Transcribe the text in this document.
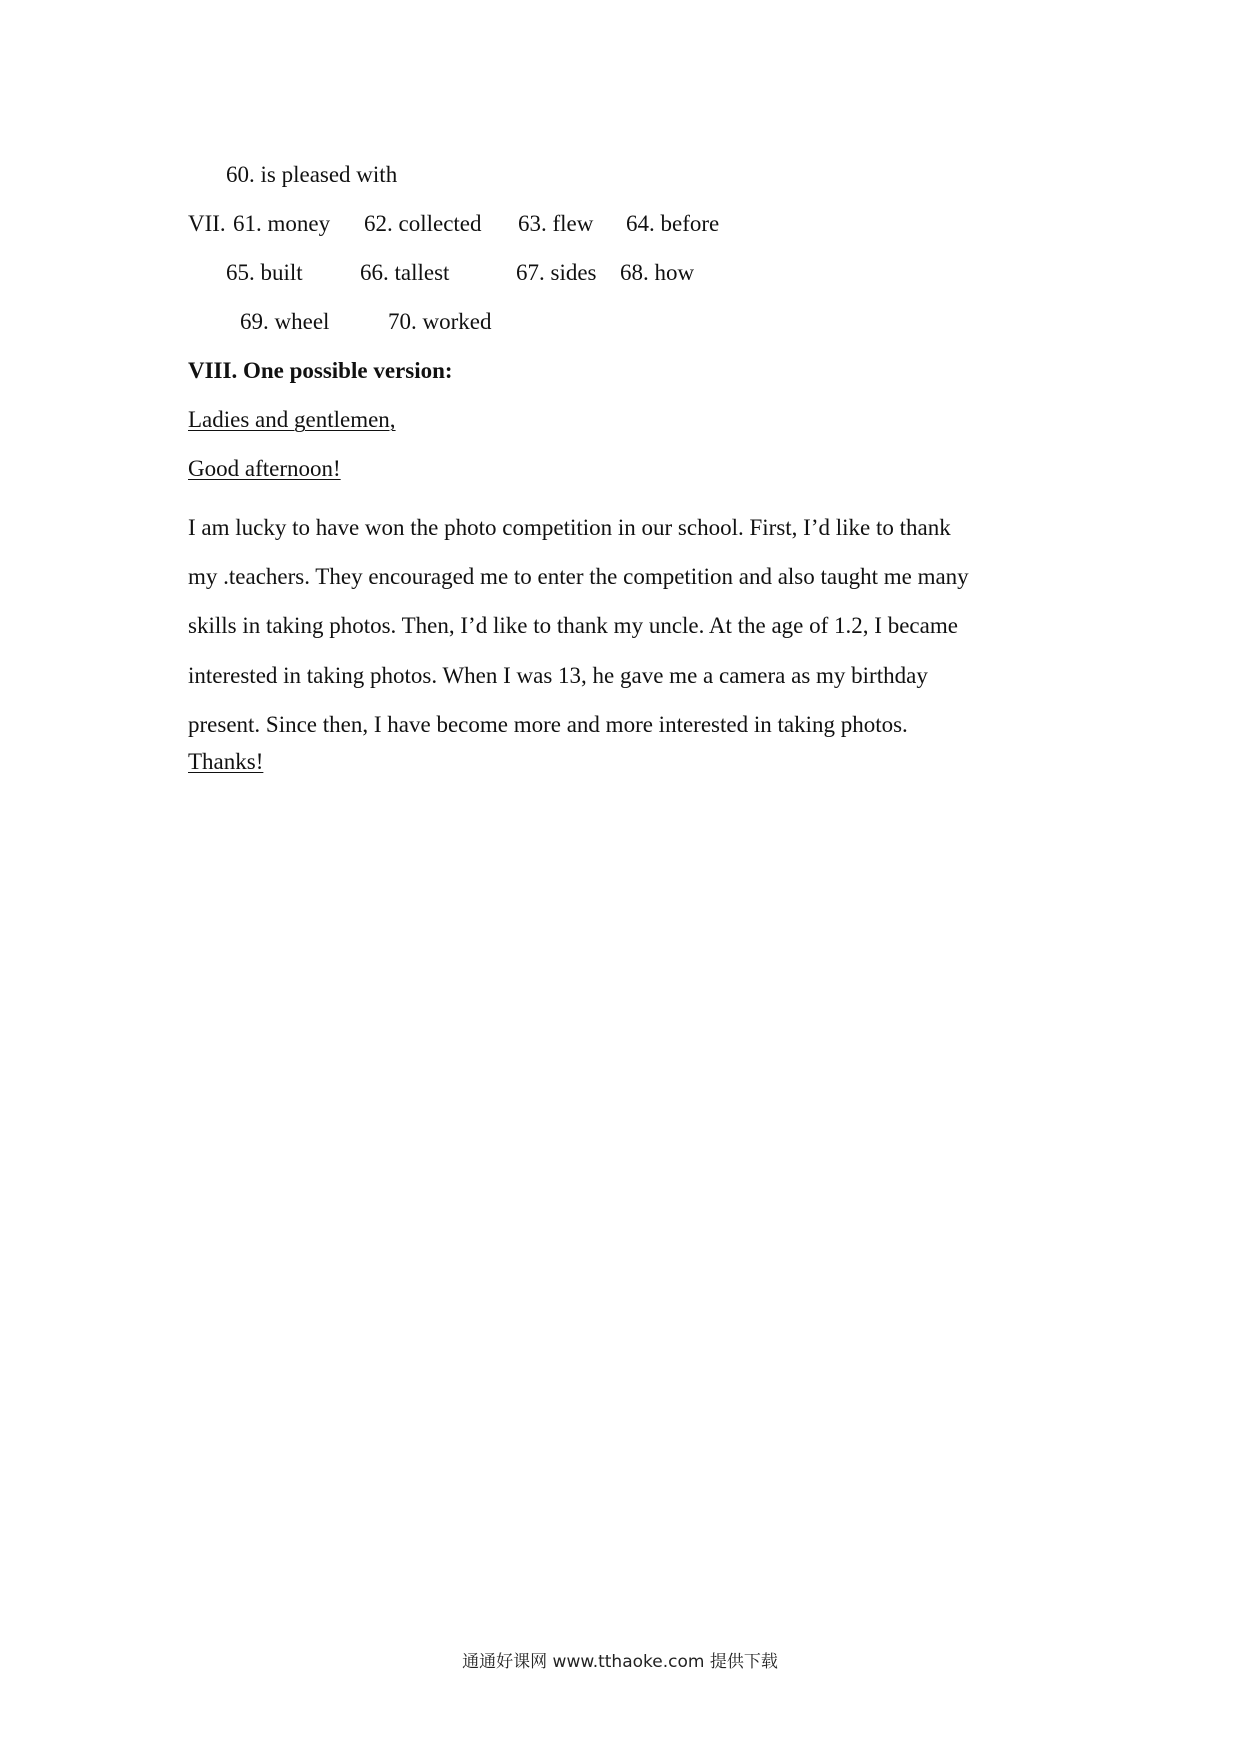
60. is pleased with
VII. 61. money 62. collected 63. flew 64. before
65. built 66. tallest	67. sides 68. how
69. wheel	70. worked
VIII. One possible version:
Ladies and gentlemen,
Good afternoon!
I am lucky to have won the photo competition in our school. First, I’d like to thank
my .teachers. They encouraged me to enter the competition and also taught me many
skills in taking photos. Then, I’d like to thank my uncle. At the age of 1.2, I became
interested in taking photos. When I was 13, he gave me a camera as my birthday
present. Since then, I have become more and more interested in taking photos.
Thanks!
通通好课网 www.tthaoke.com 提供下载
